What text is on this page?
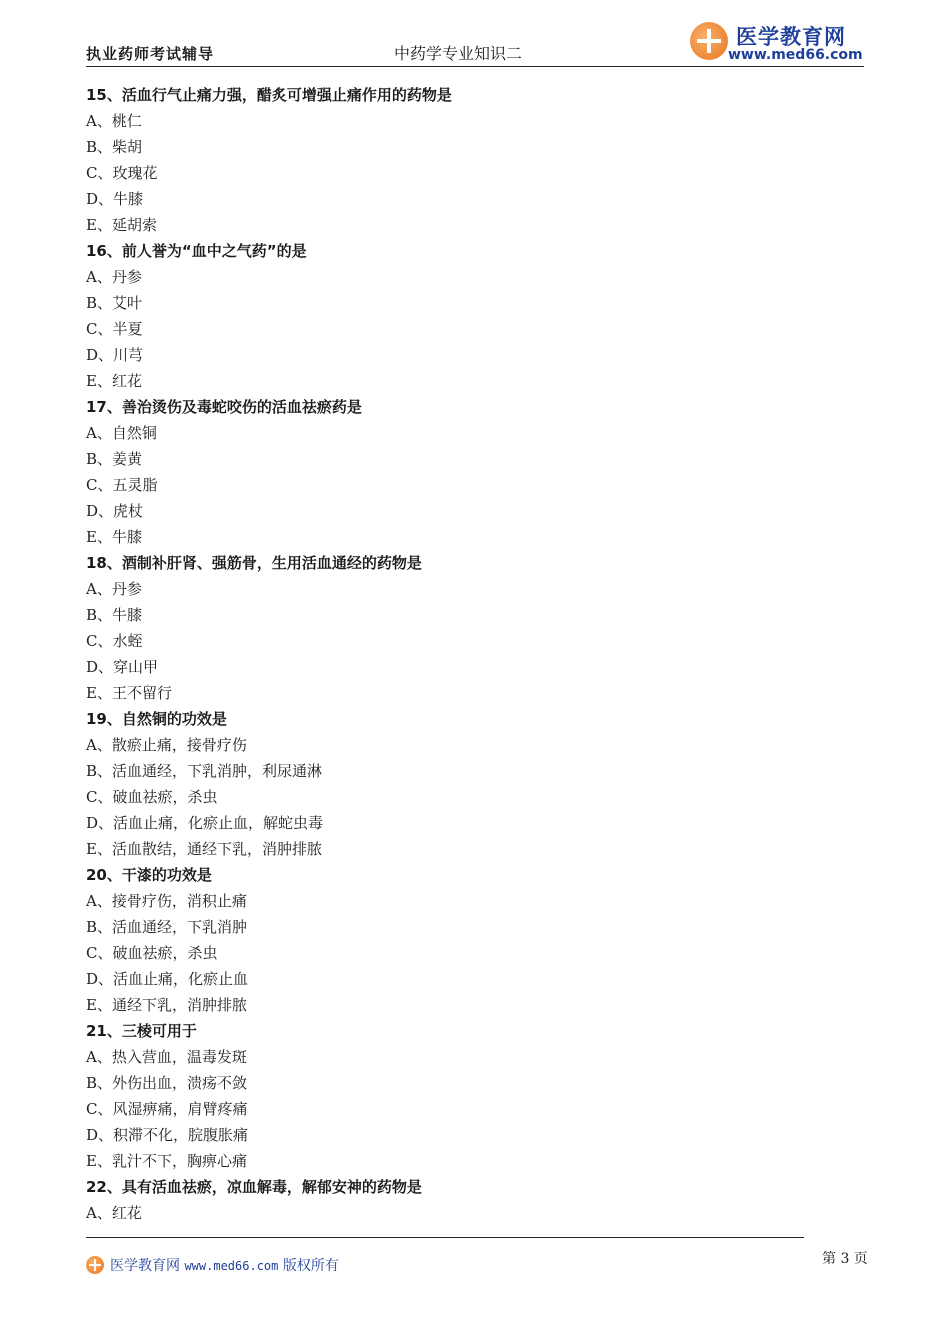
执业药师考试辅导	中药学专业知识二
医学教育网
www.med66.com
15、活血行气止痛力强，醋炙可增强止痛作用的药物是
A、桃仁
B、柴胡
C、玫瑰花
D、牛膝
E、延胡索
16、前人誉为“血中之气药”的是
A、丹参
B、艾叶
C、半夏
D、川芎
E、红花
17、善治烫伤及毒蛇咬伤的活血祛瘀药是
A、自然铜
B、姜黄
C、五灵脂
D、虎杖
E、牛膝
18、酒制补肝肾、强筋骨，生用活血通经的药物是
A、丹参
B、牛膝
C、水蛭
D、穿山甲
E、王不留行
19、自然铜的功效是
A、散瘀止痛，接骨疗伤
B、活血通经，下乳消肿，利尿通淋
C、破血祛瘀，杀虫
D、活血止痛，化瘀止血，解蛇虫毒
E、活血散结，通经下乳，消肿排脓
20、干漆的功效是
A、接骨疗伤，消积止痛
B、活血通经，下乳消肿
C、破血祛瘀，杀虫
D、活血止痛，化瘀止血
E、通经下乳，消肿排脓
21、三棱可用于
A、热入营血，温毒发斑
B、外伤出血，溃疡不敛
C、风湿痹痛，肩臂疼痛
D、积滞不化，脘腹胀痛
E、乳汁不下，胸痹心痛
22、具有活血祛瘀，凉血解毒，解郁安神的药物是
A、红花
医学教育网 www.med66.com 版权所有	第 3 页
